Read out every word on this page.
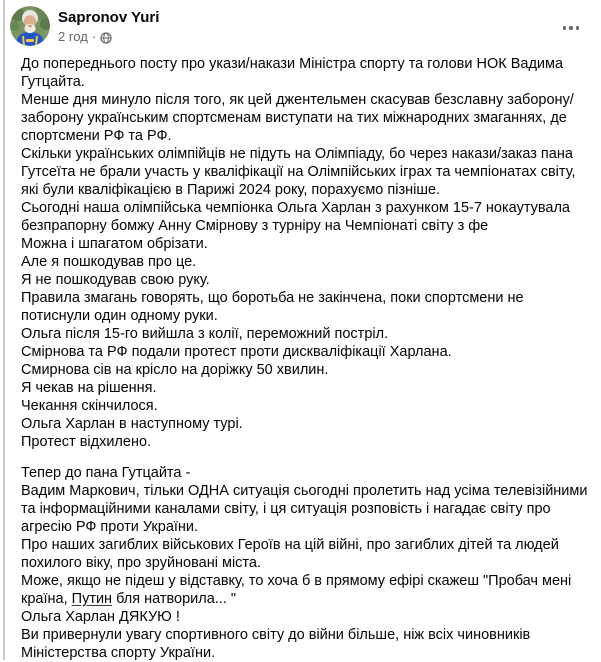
Sapronov Yuri
2 год ·
До попереднього посту про укази/накази Міністра спорту та голови НОК Вадима Гутцайта.
Менше дня минуло після того, як цей джентельмен скасував безславну заборону/заборону українським спортсменам виступати на тих міжнародних змаганнях, де спортсмени РФ та РФ.
Скільки українських олімпійців не підуть на Олімпіаду, бо через накази/заказ пана Гутсеїта не брали участь у кваліфікації на Олімпійських іграх та чемпіонатах світу, які були кваліфікацією в Парижі 2024 року, порахуємо пізніше.
Сьогодні наша олімпійська чемпіонка Ольга Харлан з рахунком 15-7 нокаутувала безпрапорну бомжу Анну Смірнову з турніру на Чемпіонаті світу з фе
Можна і шпагатом обрізати.
Але я пошкодував про це.
Я не пошкодував свою руку.
Правила змагань говорять, що боротьба не закінчена, поки спортсмени не потиснули один одному руки.
Ольга після 15-го вийшла з колії, переможний постріл.
Смірнова та РФ подали протест проти дискваліфікації Харлана.
Смирнова сів на крісло на доріжку 50 хвилин.
Я чекав на рішення.
Чекання скінчилося.
Ольга Харлан в наступному турі.
Протест відхилено.
Тепер до пана Гутцайта -
Вадим Маркович, тільки ОДНА ситуація сьогодні пролетить над усіма телевізійними та інформаційними каналами світу, і ця ситуація розповість і нагадає світу про агресію РФ проти України.
Про наших загиблих військових Героїв на цій війні, про загиблих дітей та людей похилого віку, про зруйновані міста.
Може, якщо не підеш у відставку, то хоча б в прямому ефірі скажеш "Пробач мені країна, Путин бля натворила... "
Ольга Харлан ДЯКУЮ !
Ви привернули увагу спортивного світу до війни більше, ніж всіх чиновників Міністерства спорту України.
